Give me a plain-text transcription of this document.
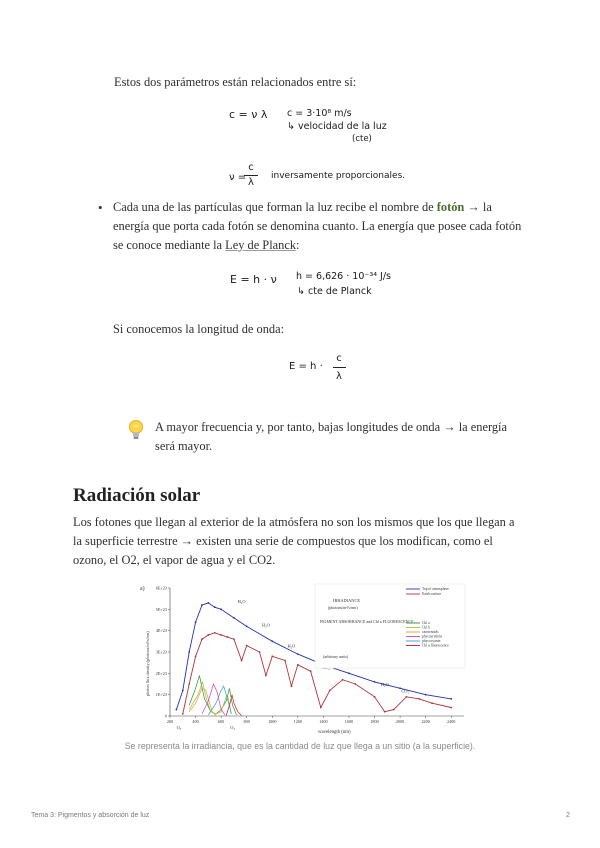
Estos dos parámetros están relacionados entre sí:
c = ν λ c = 3·10⁸ m/s
↳ velocidad de la luz
(cte)
ν =
c
λ
inversamente proporcionales.
• Cada una de las partículas que forman la luz recibe el nombre de fotón → la energía que porta cada fotón se denomina cuanto. La energía que posee cada fotón se conoce mediante la Ley de Planck:
E = h · ν h = 6,626 · 10⁻³⁴ J/s
↳ cte de Planck
Si conocemos la longitud de onda:
E = h ·
c
λ
A mayor frecuencia y, por tanto, bajas longitudes de onda → la energía será mayor.
Radiación solar
Los fotones que llegan al exterior de la atmósfera no son los mismos que los que llegan a la superficie terrestre → existen una serie de compuestos que los modifican, como el ozono, el O2, el vapor de agua y el CO2.
a)
photon flux density (photons/m²/s/nm)
wavelength (nm)
0
1E+23
2E+23
3E+23
4E+23
5E+23
6E+23
200	400	600	800	1000	1200	1400	1600	1800	2000	2200	2400
H₂O
H₂O
H₂O
H₂O
CO₂
O₃	O₂
IRRADIANCE
(photons/m²/s/nm)
PIGMENT ABSORBANCE and Chl a FLUORESCENCE
(arbitrary units)
Top of atmosphere
Earth surface
Chl a
Chl b
carotenoids
phycoerythrin
phycocyanin
Chl a fluorescence
Se representa la irradiancia, que es la cantidad de luz que llega a un sitio (a la superficie).
Tema 3: Pigmentos y absorción de luz	2
